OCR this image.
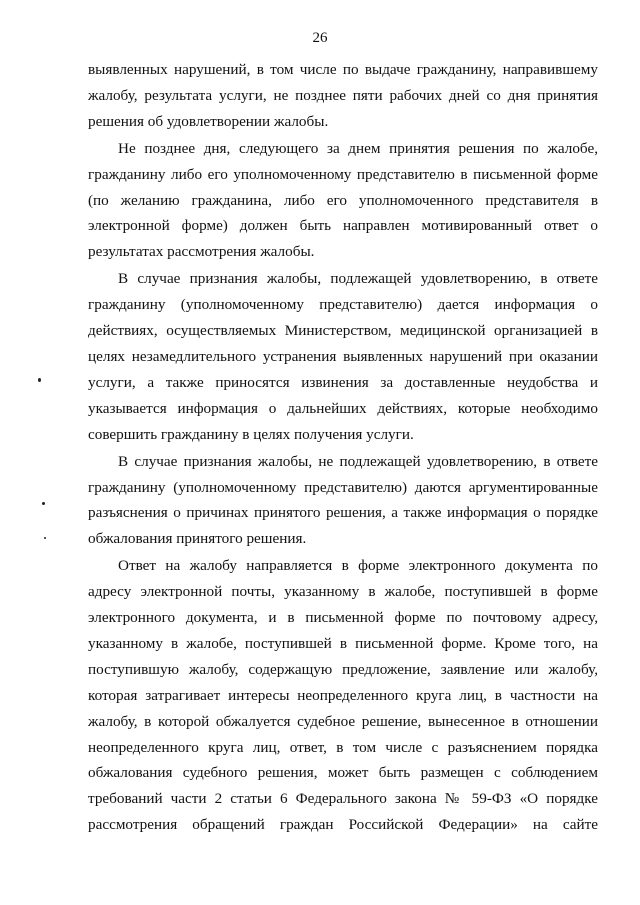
26

выявленных нарушений, в том числе по выдаче гражданину, направившему жалобу, результата услуги, не позднее пяти рабочих дней со дня принятия решения об удовлетворении жалобы.

Не позднее дня, следующего за днем принятия решения по жалобе, гражданину либо его уполномоченному представителю в письменной форме (по желанию гражданина, либо его уполномоченного представителя в электронной форме) должен быть направлен мотивированный ответ о результатах рассмотрения жалобы.

В случае признания жалобы, подлежащей удовлетворению, в ответе гражданину (уполномоченному представителю) дается информация о действиях, осуществляемых Министерством, медицинской организацией в целях незамедлительного устранения выявленных нарушений при оказании услуги, а также приносятся извинения за доставленные неудобства и указывается информация о дальнейших действиях, которые необходимо совершить гражданину в целях получения услуги.

В случае признания жалобы, не подлежащей удовлетворению, в ответе гражданину (уполномоченному представителю) даются аргументированные разъяснения о причинах принятого решения, а также информация о порядке обжалования принятого решения.

Ответ на жалобу направляется в форме электронного документа по адресу электронной почты, указанному в жалобе, поступившей в форме электронного документа, и в письменной форме по почтовому адресу, указанному в жалобе, поступившей в письменной форме. Кроме того, на поступившую жалобу, содержащую предложение, заявление или жалобу, которая затрагивает интересы неопределенного круга лиц, в частности на жалобу, в которой обжалуется судебное решение, вынесенное в отношении неопределенного круга лиц, ответ, в том числе с разъяснением порядка обжалования судебного решения, может быть размещен с соблюдением требований части 2 статьи 6 Федерального закона № 59-ФЗ «О порядке рассмотрения обращений граждан Российской Федерации» на сайте
